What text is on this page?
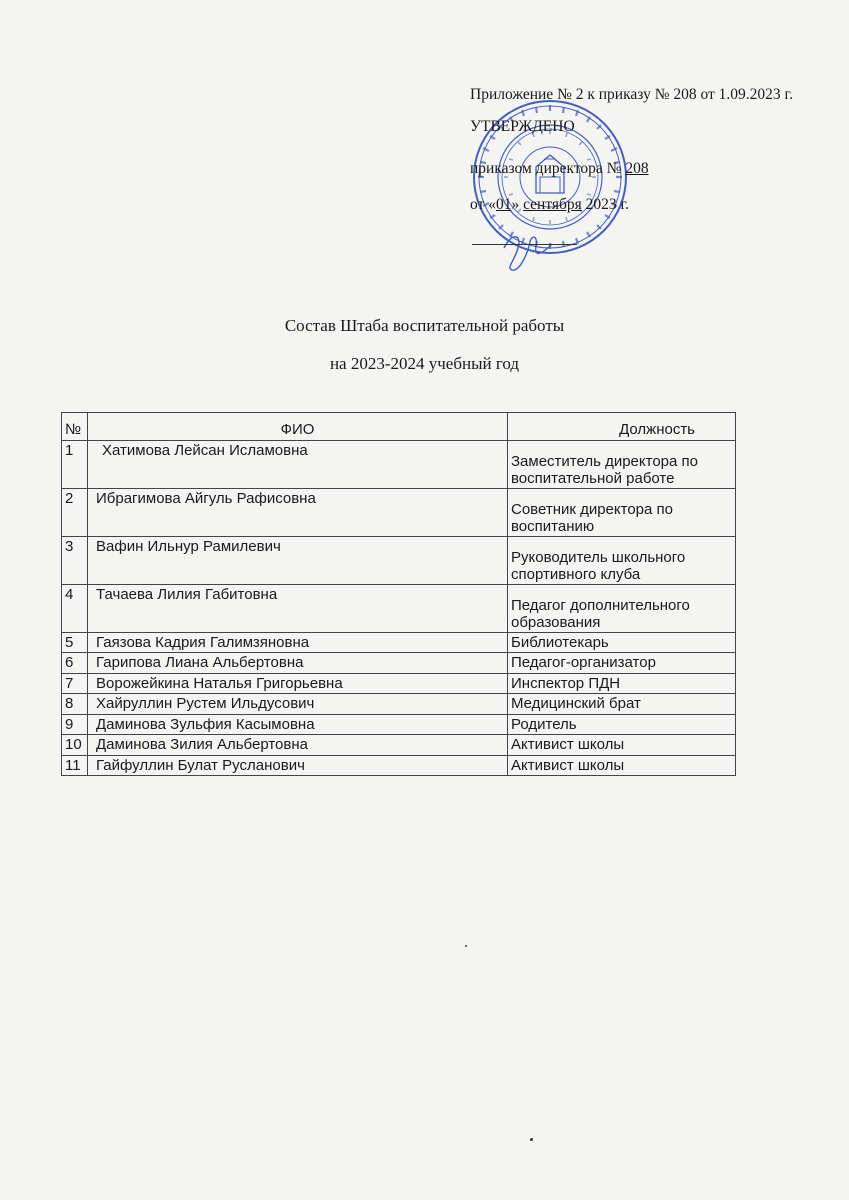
Приложение № 2 к приказу № 208 от 1.09.2023 г.
УТВЕРЖДЕНО
приказом директора № 208
от «01» сентября 2023 г.
Состав Штаба воспитательной работы
на 2023-2024 учебный год
№	ФИО	Должность
1	Хатимова Лейсан Исламовна	Заместитель директора по воспитательной работе
2	Ибрагимова Айгуль Рафисовна	Советник директора по воспитанию
3	Вафин Ильнур Рамилевич	Руководитель школьного спортивного клуба
4	Тачаева Лилия Габитовна	Педагог дополнительного образования
5	Гаязова Кадрия Галимзяновна	Библиотекарь
6	Гарипова Лиана Альбертовна	Педагог-организатор
7	Ворожейкина Наталья Григорьевна	Инспектор ПДН
8	Хайруллин Рустем Ильдусович	Медицинский брат
9	Даминова Зульфия Касымовна	Родитель
10	Даминова Зилия Альбертовна	Активист школы
11	Гайфуллин Булат Русланович	Активист школы
